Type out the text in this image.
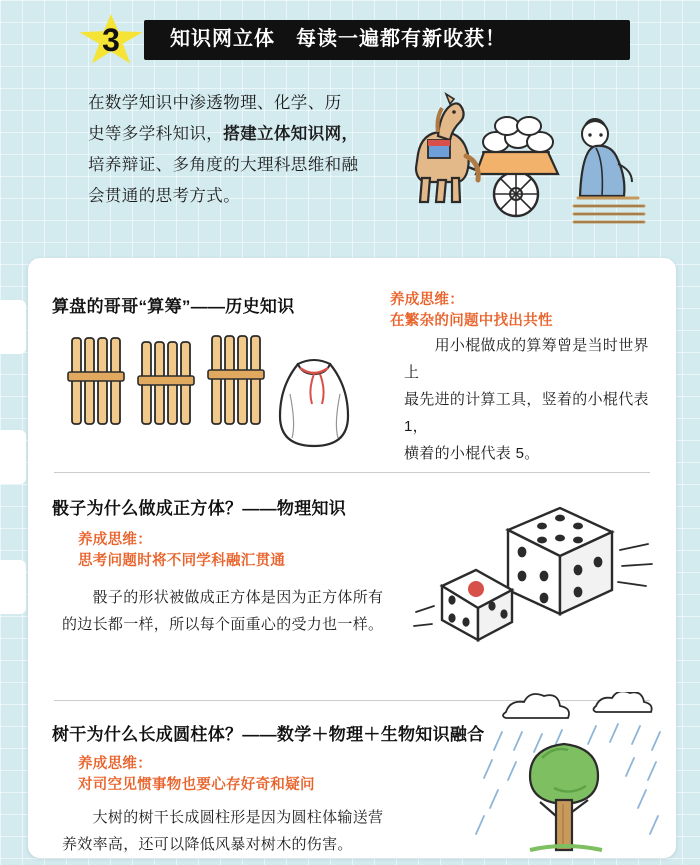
知识网立体　每读一遍都有新收获！
3
在数学知识中渗透物理、化学、历
史等多学科知识，搭建立体知识网，
培养辩证、多角度的大理科思维和融
会贯通的思考方式。
算盘的哥哥“算筹”——历史知识	养成思维：
在繁杂的问题中找出共性
　　用小棍做成的算筹曾是当时世界上
最先进的计算工具，竖着的小棍代表 1，
横着的小棍代表 5。
骰子为什么做成正方体？——物理知识
养成思维：
思考问题时将不同学科融汇贯通
　　骰子的形状被做成正方体是因为正方体所有
的边长都一样，所以每个面重心的受力也一样。
树干为什么长成圆柱体？——数学＋物理＋生物知识融合
养成思维：
对司空见惯事物也要心存好奇和疑问
　　大树的树干长成圆柱形是因为圆柱体输送营
养效率高，还可以降低风暴对树木的伤害。
